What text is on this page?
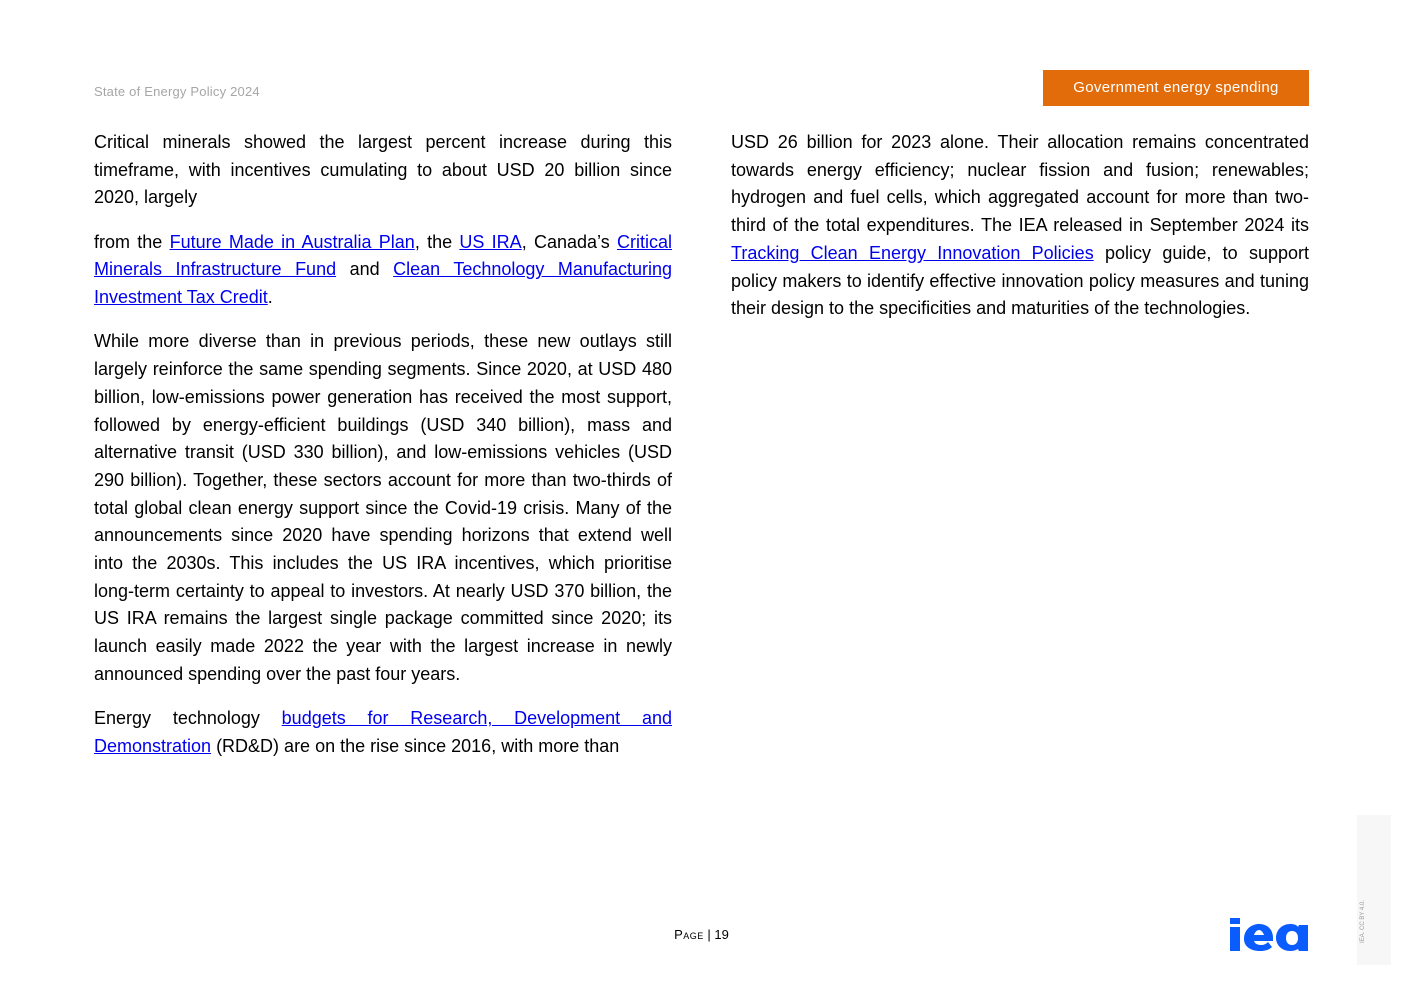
State of Energy Policy 2024	Government energy spending

Critical minerals showed the largest percent increase during this timeframe, with incentives cumulating to about USD 20 billion since 2020, largely

from the Future Made in Australia Plan, the US IRA, Canada’s Critical Minerals Infrastructure Fund and Clean Technology Manufacturing Investment Tax Credit.

While more diverse than in previous periods, these new outlays still largely reinforce the same spending segments. Since 2020, at USD 480 billion, low-emissions power generation has received the most support, followed by energy-efficient buildings (USD 340 billion), mass and alternative transit (USD 330 billion), and low-emissions vehicles (USD 290 billion). Together, these sectors account for more than two-thirds of total global clean energy support since the Covid-19 crisis. Many of the announcements since 2020 have spending horizons that extend well into the 2030s. This includes the US IRA incentives, which prioritise long-term certainty to appeal to investors. At nearly USD 370 billion, the US IRA remains the largest single package committed since 2020; its launch easily made 2022 the year with the largest increase in newly announced spending over the past four years.

Energy technology budgets for Research, Development and Demonstration (RD&D) are on the rise since 2016, with more than

USD 26 billion for 2023 alone. Their allocation remains concentrated towards energy efficiency; nuclear fission and fusion; renewables; hydrogen and fuel cells, which aggregated account for more than two-third of the total expenditures. The IEA released in September 2024 its Tracking Clean Energy Innovation Policies policy guide, to support policy makers to identify effective innovation policy measures and tuning their design to the specificities and maturities of the technologies.

Page | 19
iea
IEA. CC BY 4.0.
